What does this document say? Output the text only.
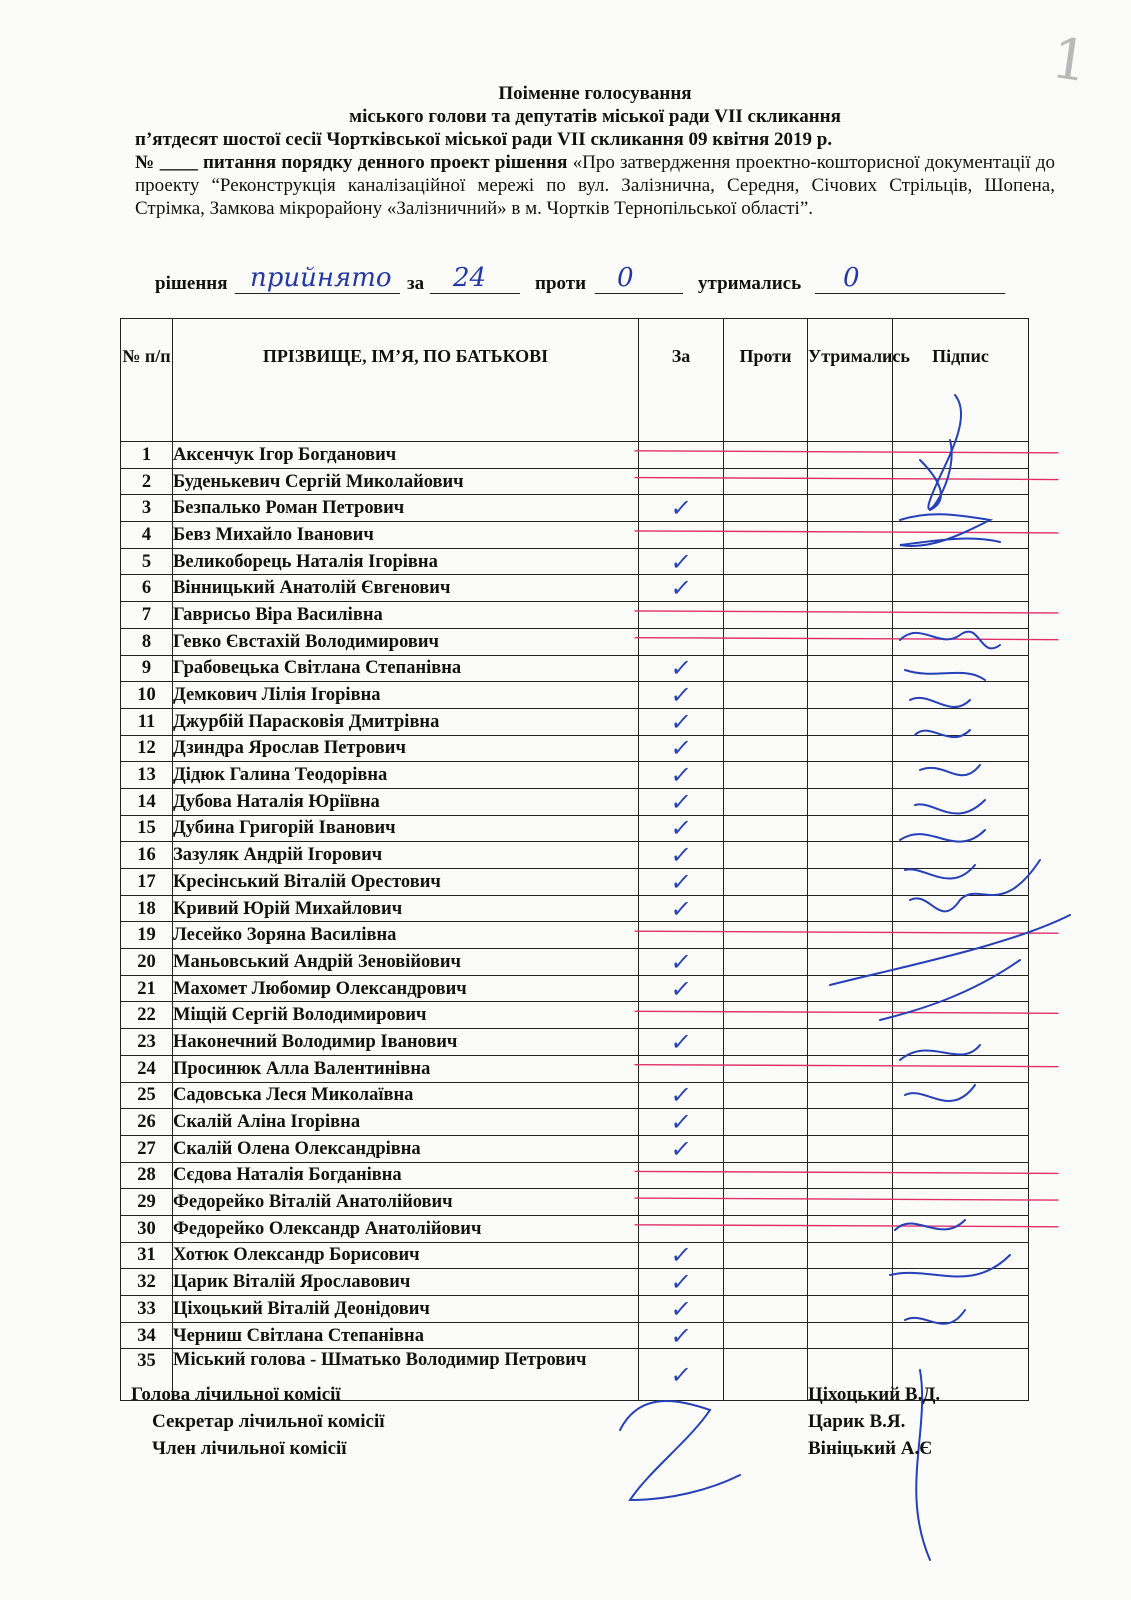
1
Поіменне голосування
міського голови та депутатів міської ради VII скликання
п’ятдесят шостої сесії Чортківської міської ради VII скликання 09 квітня 2019 р.
№ ____ питання порядку денного проект рішення «Про затвердження проектно-кошторисної документації до проекту “Реконструкція каналізаційної мережі по вул. Залізнична, Середня, Січових Стрільців, Шопена, Стрімка, Замкова мікрорайону «Залізничний» в м. Чортків Тернопільської області”.
рішення прийнято за 24	проти 0	утримались 0
№ п/п	ПРІЗВИЩЕ, ІМ’Я, ПО БАТЬКОВІ	За	Проти	Утримались	Підпис
1	Аксенчук Ігор Богданович				
2	Буденькевич Сергій Миколайович				
3	Безпалько Роман Петрович	✓			

4	Бевз Михайло Іванович				
5	Великоборець Наталія Ігорівна	✓			

6	Вінницький Анатолій Євгенович	✓			

7	Гаврисьо Віра Василівна				
8	Гевко Євстахій Володимирович				
9	Грабовецька Світлана Степанівна	✓			

10	Демкович Лілія Ігорівна	✓			

11	Джурбій Парасковія Дмитрівна	✓			

12	Дзиндра Ярослав Петрович	✓			

13	Дідюк Галина Теодорівна	✓			

14	Дубова Наталія Юріївна	✓			

15	Дубина Григорій Іванович	✓			

16	Зазуляк Андрій Ігорович	✓			

17	Кресінський Віталій Орестович	✓			

18	Кривий Юрій Михайлович	✓			

19	Лесейко Зоряна Василівна				
20	Маньовський Андрій Зеновійович	✓			

21	Махомет Любомир Олександрович	✓			

22	Міщій Сергій Володимирович				
23	Наконечний Володимир Іванович	✓			

24	Просинюк Алла Валентинівна				
25	Садовська Леся Миколаївна	✓			

26	Скалій Аліна Ігорівна	✓			

27	Скалій Олена Олександрівна	✓			

28	Сєдова Наталія Богданівна				
29	Федорейко Віталій Анатолійович				
30	Федорейко Олександр Анатолійович				
31	Хотюк Олександр Борисович	✓			

32	Царик Віталій Ярославович	✓			

33	Ціхоцький Віталій Деонідович	✓			

34	Черниш Світлана Степанівна	✓			

35	Міський голова - Шматько Володимир Петрович	✓			

Голова лічильної комісії	Ціхоцький В.Д.
Секретар лічильної комісії	Царик В.Я.
Член лічильної комісії	Вініцький А.Є
